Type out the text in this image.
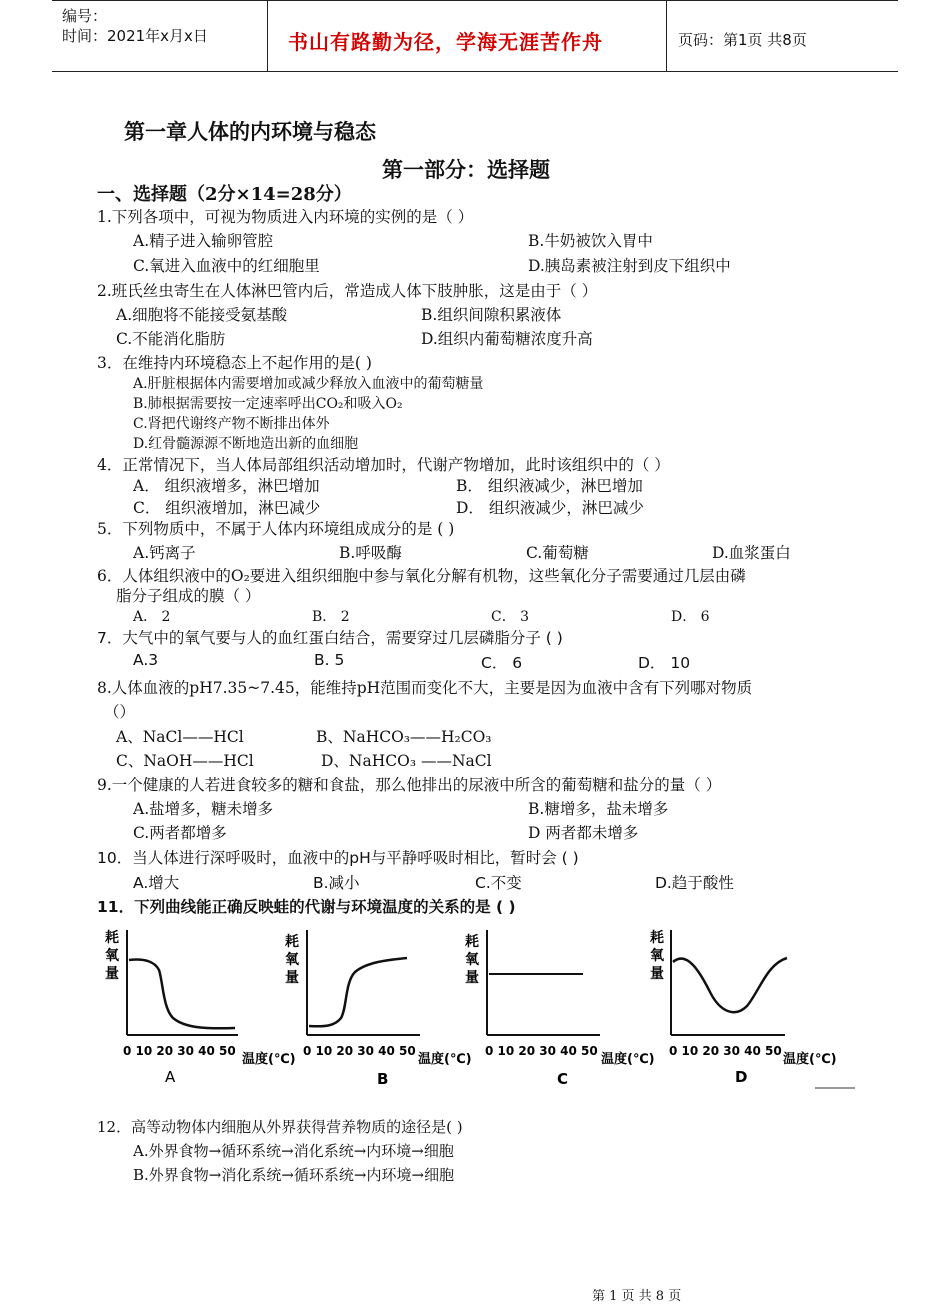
编号：
时间：2021年x月x日	书山有路勤为径，学海无涯苦作舟	页码：第1页 共8页
第一章人体的内环境与稳态
第一部分：选择题
一、选择题（2分×14=28分）
1.下列各项中，可视为物质进入内环境的实例的是（ ）
A.精子进入输卵管腔	B.牛奶被饮入胃中
C.氧进入血液中的红细胞里	D.胰岛素被注射到皮下组织中
2.班氏丝虫寄生在人体淋巴管内后，常造成人体下肢肿胀，这是由于（ ）
A.细胞将不能接受氨基酸	B.组织间隙积累液体
C.不能消化脂肪	D.组织内葡萄糖浓度升高
3．在维持内环境稳态上不起作用的是( )
A.肝脏根据体内需要增加或减少释放入血液中的葡萄糖量
B.肺根据需要按一定速率呼出CO₂和吸入O₂
C.肾把代谢终产物不断排出体外
D.红骨髓源源不断地造出新的血细胞
4．正常情况下，当人体局部组织活动增加时，代谢产物增加，此时该组织中的（ ）
A． 组织液增多，淋巴增加	B． 组织液减少，淋巴增加
C． 组织液增加，淋巴减少	D． 组织液减少，淋巴减少
5．下列物质中，不属于人体内环境组成成分的是 ( )
A.钙离子	B.呼吸酶	C.葡萄糖	D.血浆蛋白
6．人体组织液中的O₂要进入组织细胞中参与氧化分解有机物，这些氧化分子需要通过几层由磷
脂分子组成的膜（ ）
A． 2	B． 2	C． 3	D． 6
7．大气中的氧气要与人的血红蛋白结合，需要穿过几层磷脂分子 ( )
A.3	B. 5	C． 6	D． 10
8.人体血液的pH7.35~7.45，能维持pH范围而变化不大，主要是因为血液中含有下列哪对物质
（）
A、NaCl——HCl	B、NaHCO₃——H₂CO₃
C、NaOH——HCl	D、NaHCO₃ ——NaCl
9.一个健康的人若进食较多的糖和食盐，那么他排出的尿液中所含的葡萄糖和盐分的量（ ）
A.盐增多，糖未增多	B.糖增多，盐未增多
C.两者都增多	D 两者都未增多
10．当人体进行深呼吸时，血液中的pH与平静呼吸时相比，暂时会 ( )
A.增大	B.减小	C.不变	D.趋于酸性
11．下列曲线能正确反映蛙的代谢与环境温度的关系的是 ( )
耗
氧
量
0 10 20 30 40 50
温度(℃)
A
耗
氧
量
0 10 20 30 40 50
温度(℃)
B
耗
氧
量
0 10 20 30 40 50
温度(℃)
C
耗
氧
量
0 10 20 30 40 50
温度(℃)
D
12．高等动物体内细胞从外界获得营养物质的途径是( )
A.外界食物→循环系统→消化系统→内环境→细胞
B.外界食物→消化系统→循环系统→内环境→细胞
第 1 页 共 8 页
